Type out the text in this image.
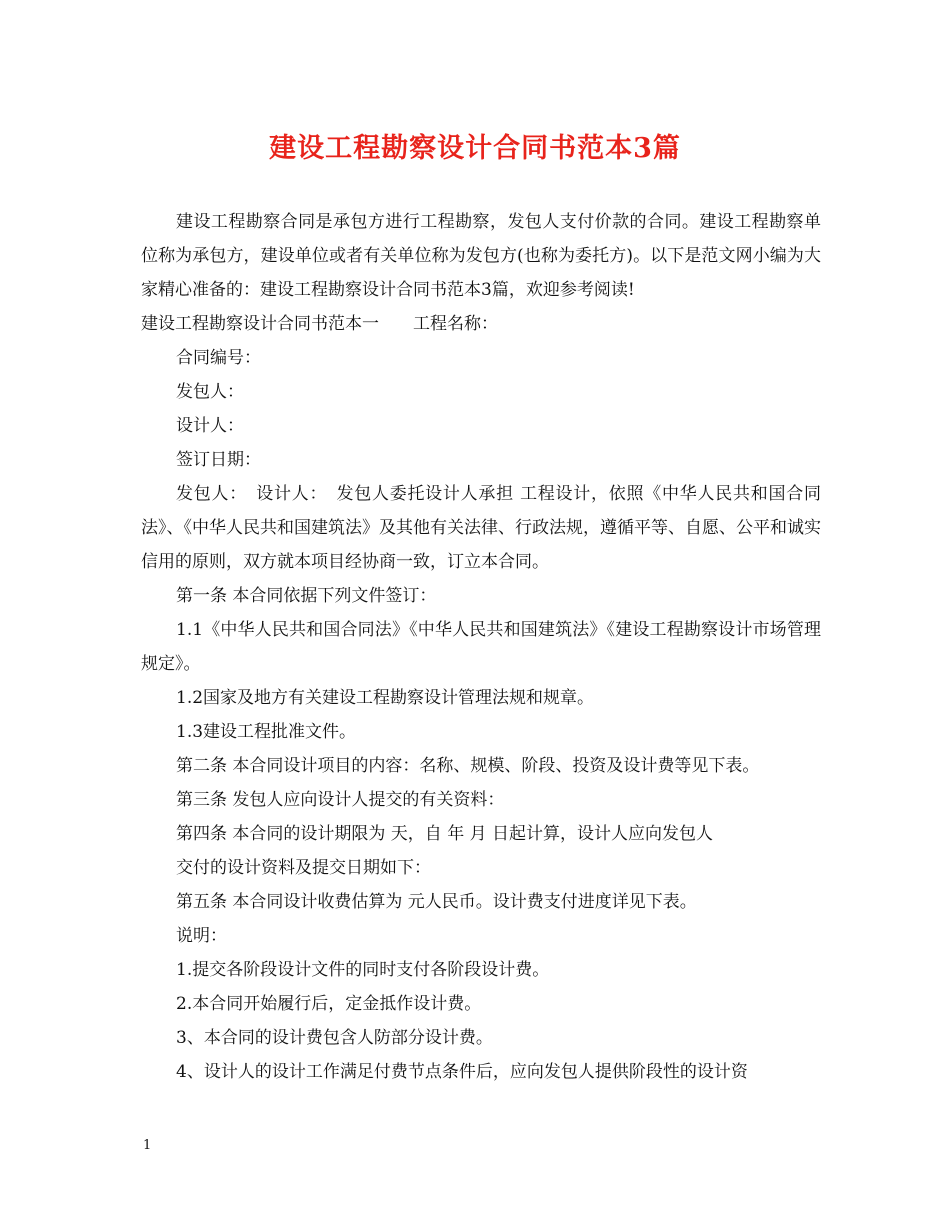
建设工程勘察设计合同书范本3篇

建设工程勘察合同是承包方进行工程勘察，发包人支付价款的合同。建设工程勘察单位称为承包方，建设单位或者有关单位称为发包方(也称为委托方)。以下是范文网小编为大家精心准备的：建设工程勘察设计合同书范本3篇，欢迎参考阅读!

建设工程勘察设计合同书范本一　　工程名称：

合同编号：

发包人：

设计人：

签订日期：

发包人：　设计人：　发包人委托设计人承担 工程设计，依照《中华人民共和国合同法》、《中华人民共和国建筑法》及其他有关法律、行政法规，遵循平等、自愿、公平和诚实信用的原则，双方就本项目经协商一致，订立本合同。

第一条 本合同依据下列文件签订：

1.1《中华人民共和国合同法》《中华人民共和国建筑法》《建设工程勘察设计市场管理规定》。

1.2国家及地方有关建设工程勘察设计管理法规和规章。

1.3建设工程批准文件。

第二条 本合同设计项目的内容：名称、规模、阶段、投资及设计费等见下表。

第三条 发包人应向设计人提交的有关资料：

第四条 本合同的设计期限为 天，自 年 月 日起计算，设计人应向发包人

交付的设计资料及提交日期如下：

第五条 本合同设计收费估算为 元人民币。设计费支付进度详见下表。

说明：

1.提交各阶段设计文件的同时支付各阶段设计费。

2.本合同开始履行后，定金抵作设计费。

3、本合同的设计费包含人防部分设计费。

4、设计人的设计工作满足付费节点条件后，应向发包人提供阶段性的设计资

1
